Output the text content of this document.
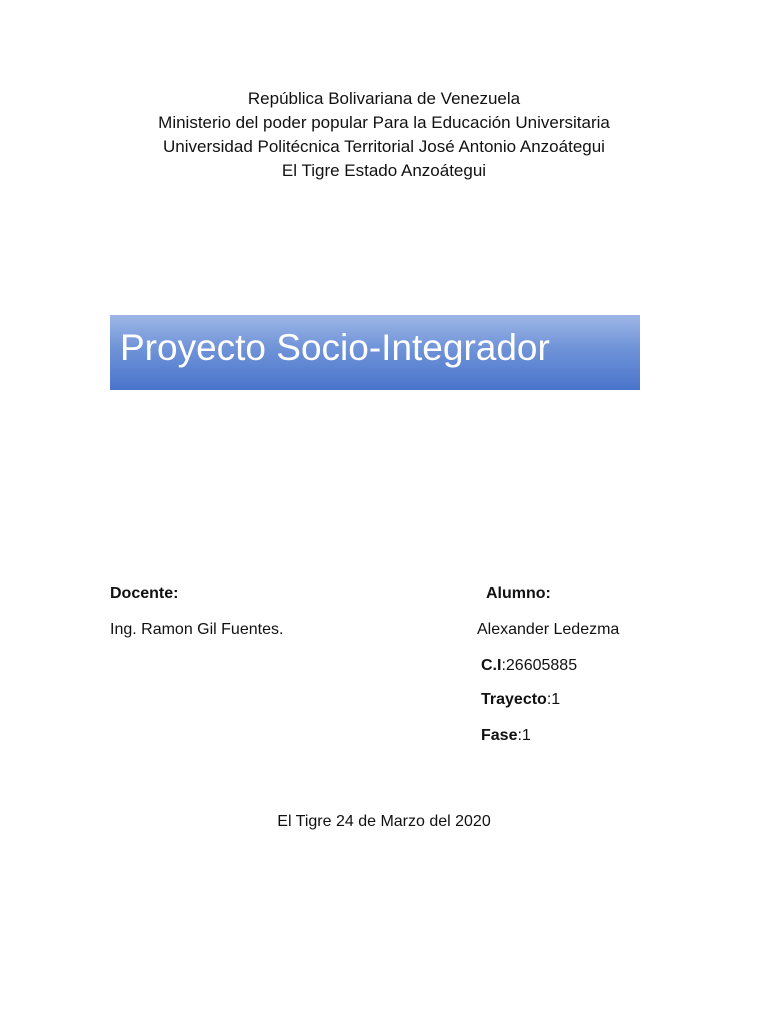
República Bolivariana de Venezuela
Ministerio del poder popular Para la Educación Universitaria
Universidad Politécnica Territorial José Antonio Anzoátegui
El Tigre Estado Anzoátegui
Proyecto Socio-Integrador
Docente:
Ing. Ramon Gil Fuentes.
Alumno:
Alexander Ledezma
C.I:26605885
Trayecto:1
Fase:1
El Tigre 24 de Marzo del 2020
